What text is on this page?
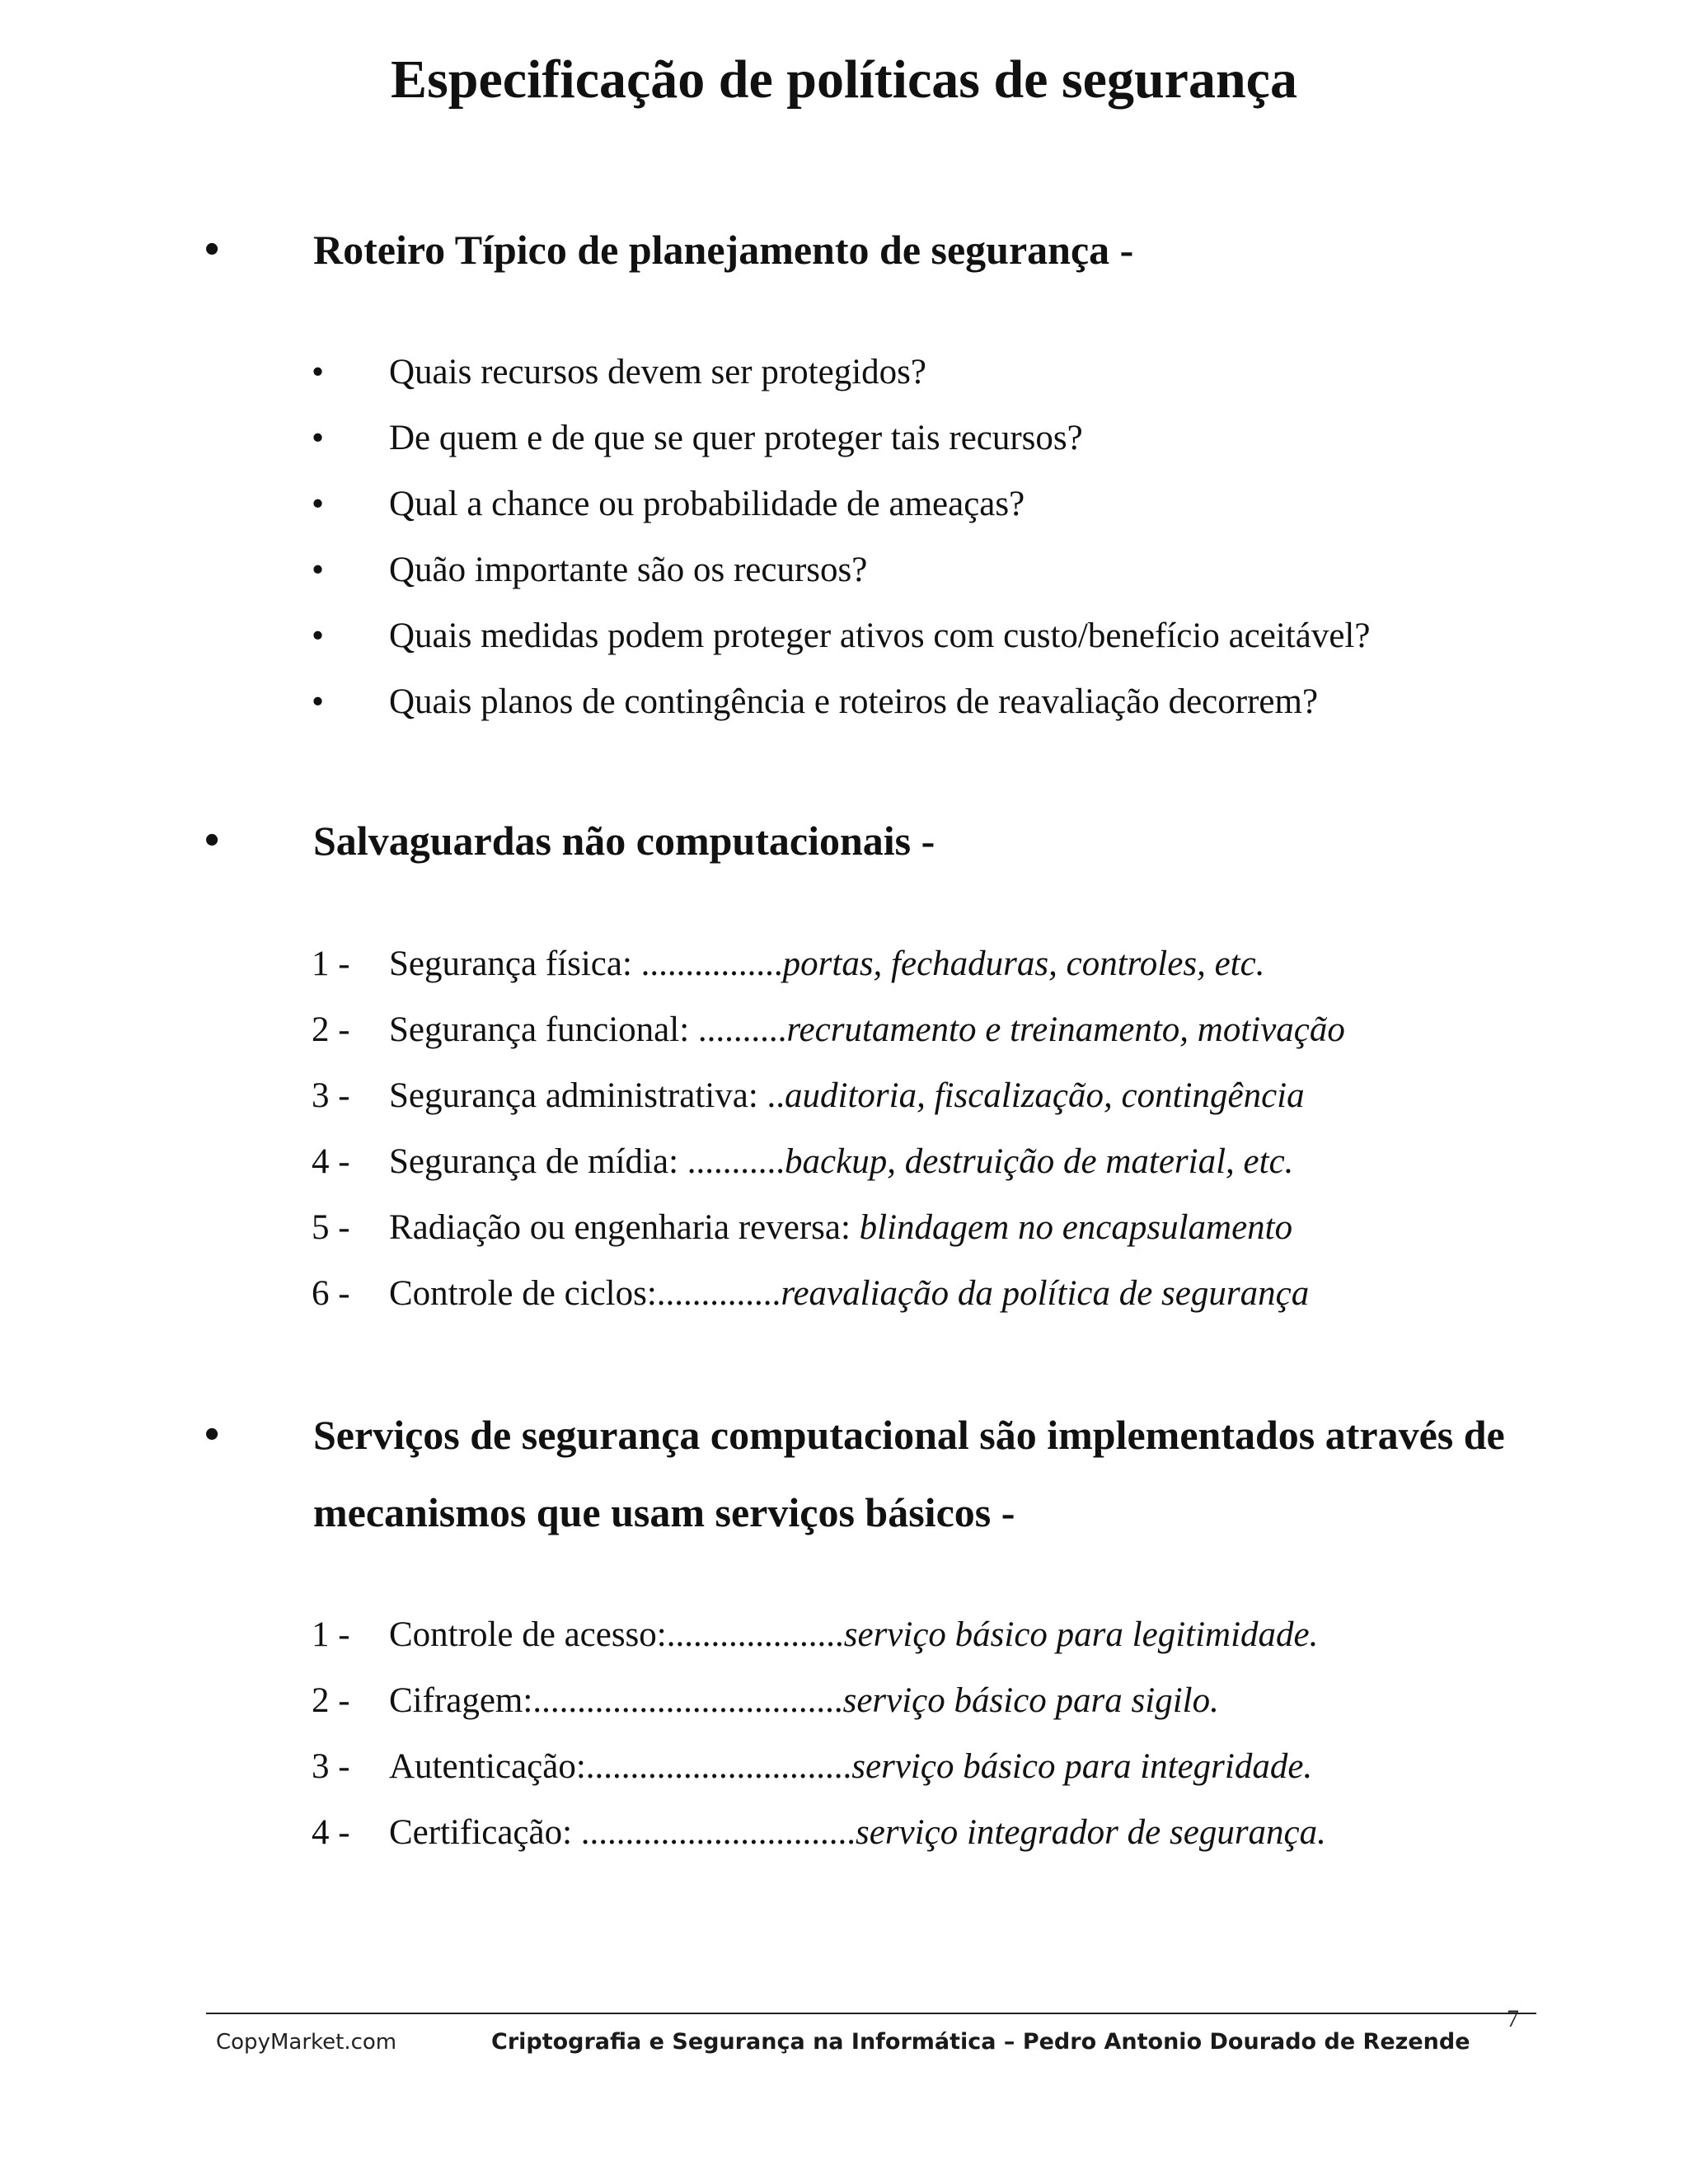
Especificação de políticas de segurança
• Roteiro Típico de planejamento de segurança -
• Quais recursos devem ser protegidos?
• De quem e de que se quer proteger tais recursos?
• Qual a chance ou probabilidade de ameaças?
• Quão importante são os recursos?
• Quais medidas podem proteger ativos com custo/benefício aceitável?
• Quais planos de contingência e roteiros de reavaliação decorrem?
• Salvaguardas não computacionais -
1 - Segurança física: ................portas, fechaduras, controles, etc.
2 - Segurança funcional: ..........recrutamento e treinamento, motivação
3 - Segurança administrativa: ..auditoria, fiscalização, contingência
4 - Segurança de mídia: ...........backup, destruição de material, etc.
5 - Radiação ou engenharia reversa: blindagem no encapsulamento
6 - Controle de ciclos:..............reavaliação da política de segurança
• Serviços de segurança computacional são implementados através de mecanismos que usam serviços básicos -
1 - Controle de acesso:....................serviço básico para legitimidade.
2 - Cifragem:...................................serviço básico para sigilo.
3 - Autenticação:..............................serviço básico para integridade.
4 - Certificação: ...............................serviço integrador de segurança.
7
CopyMarket.com	Criptografia e Segurança na Informática – Pedro Antonio Dourado de Rezende
